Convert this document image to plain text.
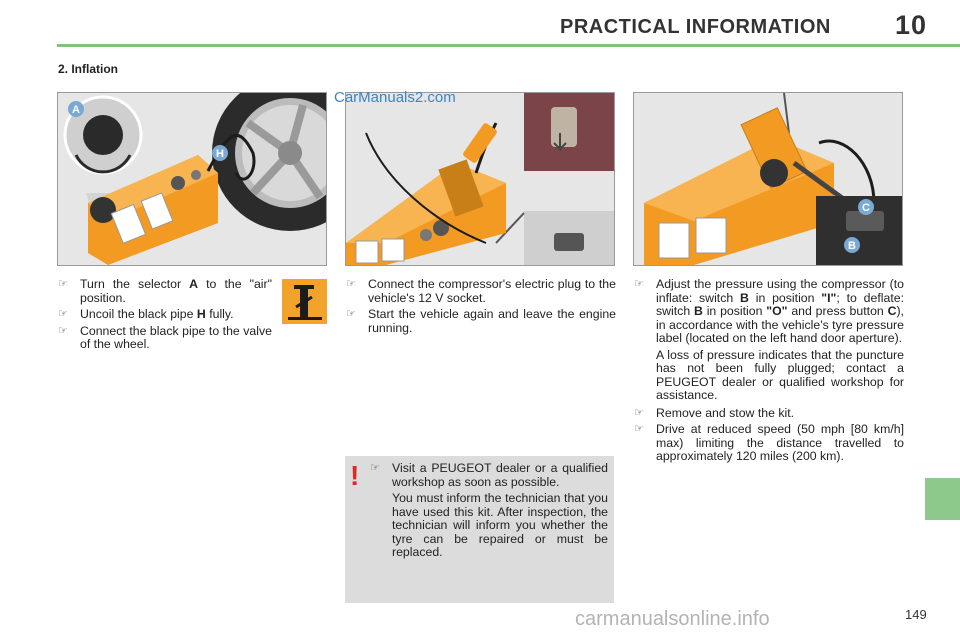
PRACTICAL INFORMATION 10
2. Inflation
A
H
CarManuals2.com
C
B
☞ Turn the selector A to the "air" position.
☞ Uncoil the black pipe H fully.
☞ Connect the black pipe to the valve of the wheel.
☞ Connect the compressor's electric plug to the vehicle's 12 V socket.
☞ Start the vehicle again and leave the engine running.
☞ Adjust the pressure using the compressor (to inflate: switch B in position "I"; to deflate: switch B in position "O" and press button C), in accordance with the vehicle's tyre pressure label (located on the left hand door aperture).

A loss of pressure indicates that the puncture has not been fully plugged; contact a PEUGEOT dealer or qualified workshop for assistance.

☞ Remove and stow the kit.
☞ Drive at reduced speed (50 mph [80 km/h] max) limiting the distance travelled to approximately 120 miles (200 km).
! ☞ Visit a PEUGEOT dealer or a qualified workshop as soon as possible.

You must inform the technician that you have used this kit. After inspection, the technician will inform you whether the tyre can be repaired or must be replaced.

149
carmanualsonline.info
